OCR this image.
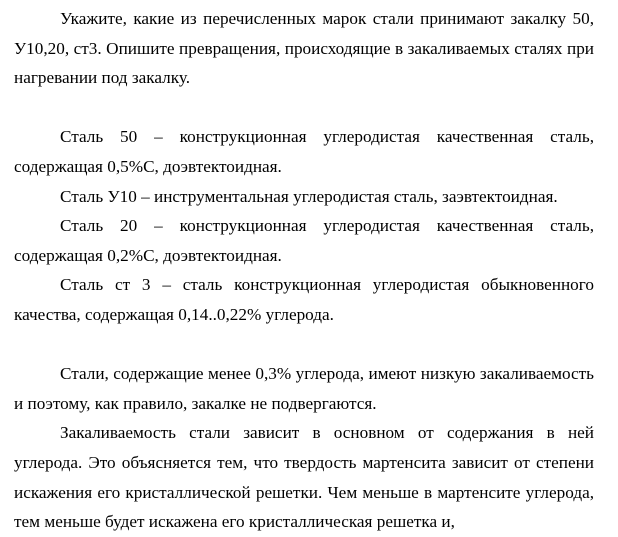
Укажите, какие из перечисленных марок стали принимают закалку 50, У10,20, ст3. Опишите превращения, происходящие в закаливаемых сталях при нагревании под закалку.

Сталь 50 – конструкционная углеродистая качественная сталь, содержащая 0,5%С, доэвтектоидная.

Сталь У10 – инструментальная углеродистая сталь, заэвтектоидная.

Сталь 20 – конструкционная углеродистая качественная сталь, содержащая 0,2%С, доэвтектоидная.

Сталь ст 3 – сталь конструкционная углеродистая обыкновенного качества, содержащая 0,14..0,22% углерода.

Стали, содержащие менее 0,3% углерода, имеют низкую закаливаемость и поэтому, как правило, закалке не подвергаются.

Закаливаемость стали зависит в основном от содержания в ней углерода. Это объясняется тем, что твердость мартенсита зависит от степени искажения его кристаллической решетки. Чем меньше в мартенсите углерода, тем меньше будет искажена его кристаллическая решетка и,
